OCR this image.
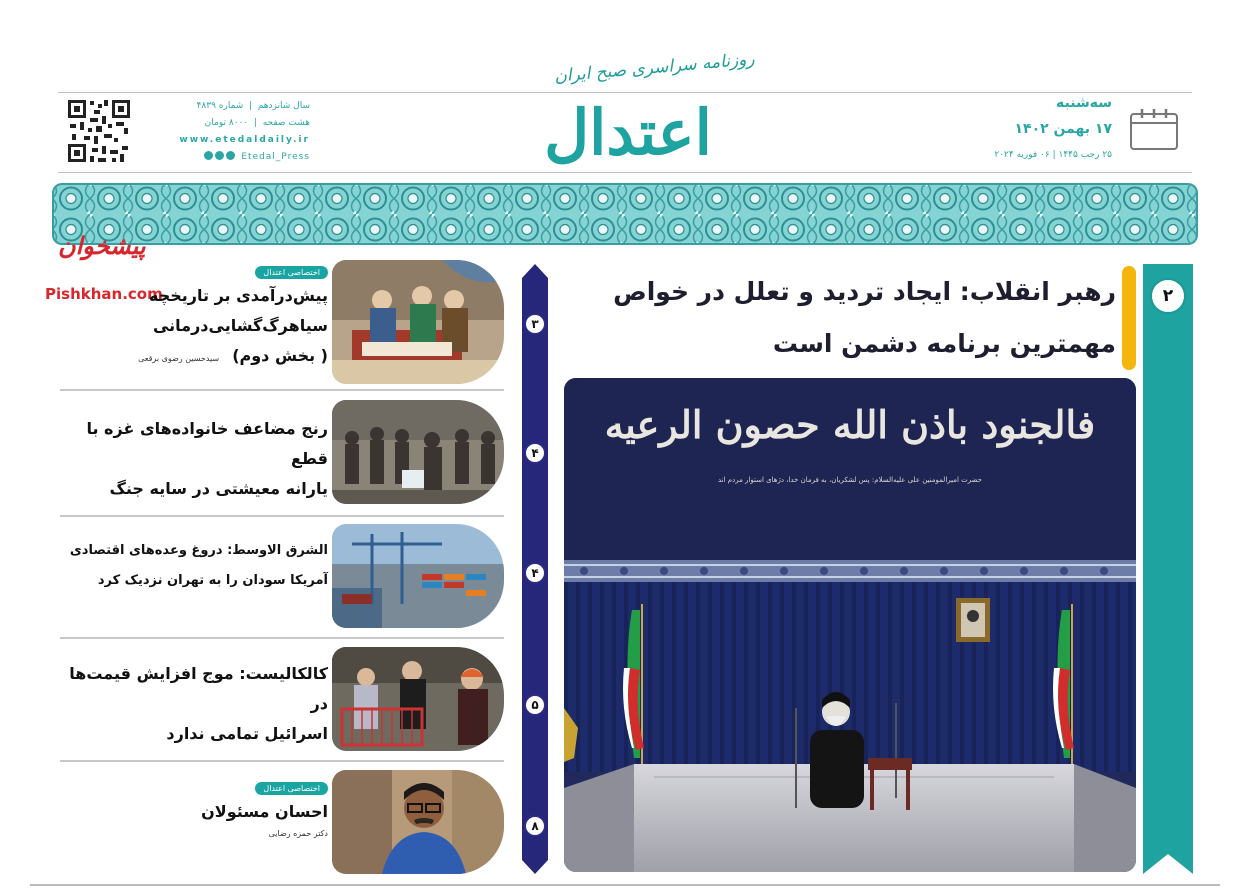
سه‌شنبه
۱۷ بهمن ۱۴۰۲
۲۵ رجب ۱۴۴۵ | ۰۶ فوریه ۲۰۲۴
روزنامه سراسری صبح ایران
اعتدال
سال شانزدهم  |  شماره ۴۸۳۹
هشت صفحه  |  ۸۰۰۰ تومان
www.etedaldaily.ir
Etedal_Press
پیشخوان
Pishkhan.com	۲
رهبر انقلاب: ایجاد تردید و تعلل در خواص مهمترین برنامه دشمن است
فالجنود باذن الله حصون الرعیه
حضرت امیرالمومنین علی علیه‌السلام: پس لشکریان، به فرمان خدا، دژهای استوار مردم اند
۳
۴
۴
۵
۸
اختصاصی اعتدال
پیش‌درآمدی بر تاریخچه
سیاهرگ‌گشایی‌درمانی
( بخش دوم) سیدحسین رضوی برقعی
رنج مضاعف خانواده‌های غزه با قطع
یارانه معیشتی در سایه جنگ
الشرق الاوسط: دروغ وعده‌های اقتصادی
آمریکا سودان را به تهران نزدیک کرد
کالکالیست: موج افزایش قیمت‌ها در
اسرائیل تمامی ندارد
اختصاصی اعتدال
احسان مسئولان
دکتر حمزه رضایی
